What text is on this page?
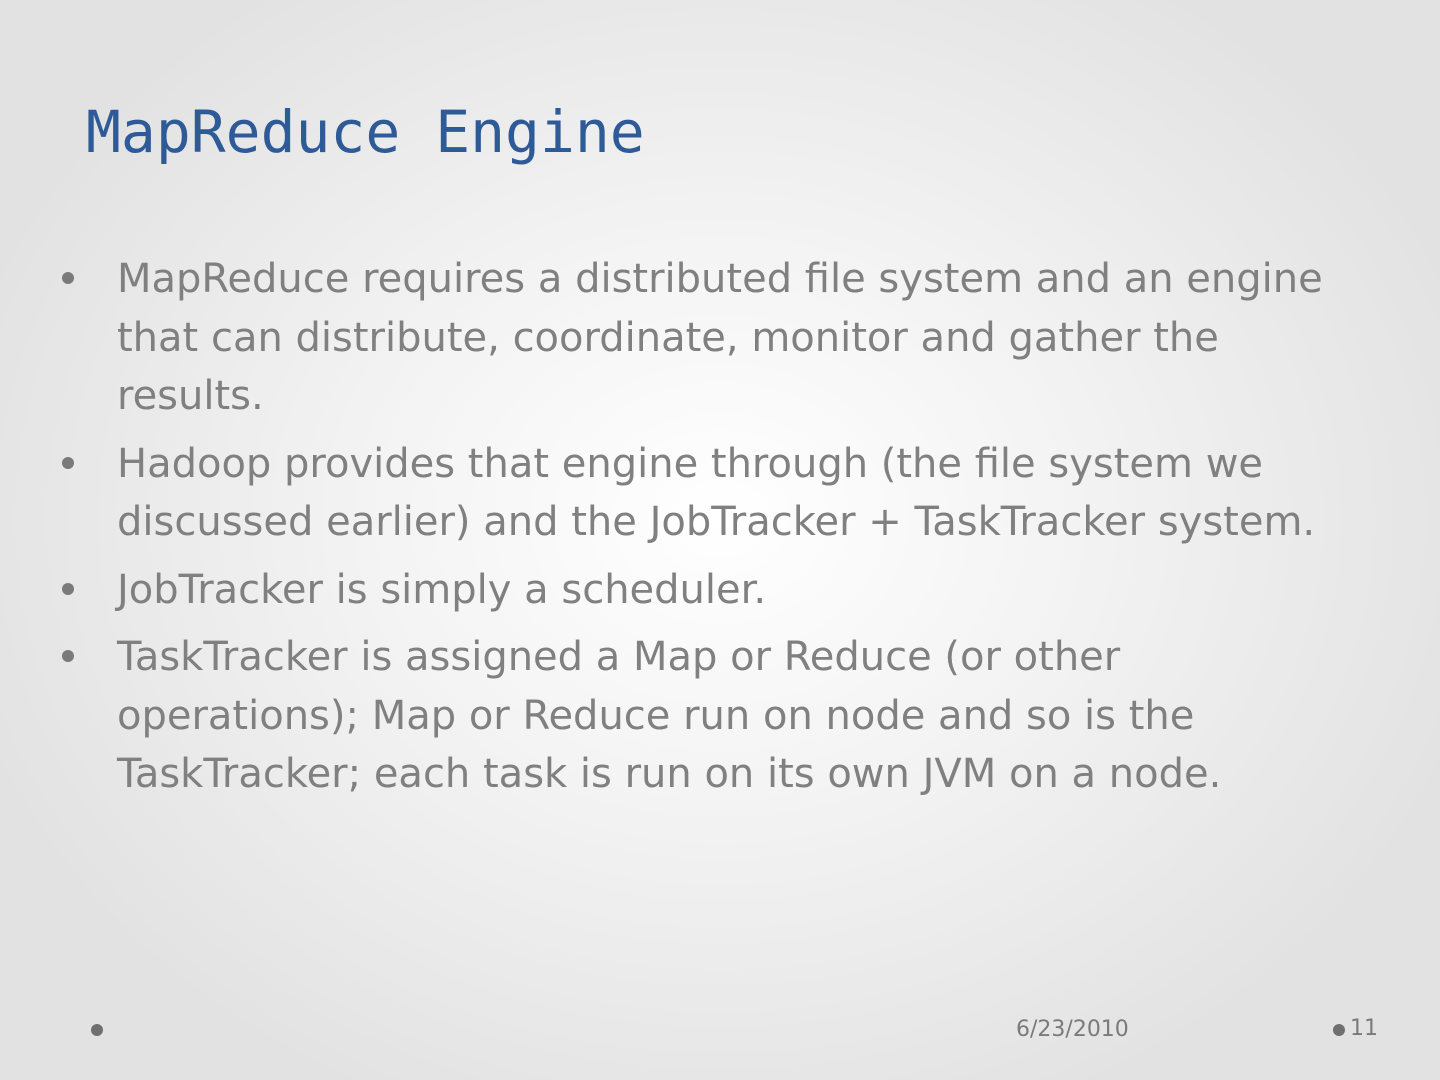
MapReduce Engine
MapReduce requires a distributed file system and an engine that can distribute, coordinate, monitor and gather the results.
Hadoop provides that engine through (the file system we discussed earlier) and the JobTracker + TaskTracker system.
JobTracker is simply a scheduler.
TaskTracker is assigned a Map or Reduce (or other operations); Map or Reduce run on node and so is the TaskTracker; each task is run on its own JVM on a node.
6/23/2010	11
